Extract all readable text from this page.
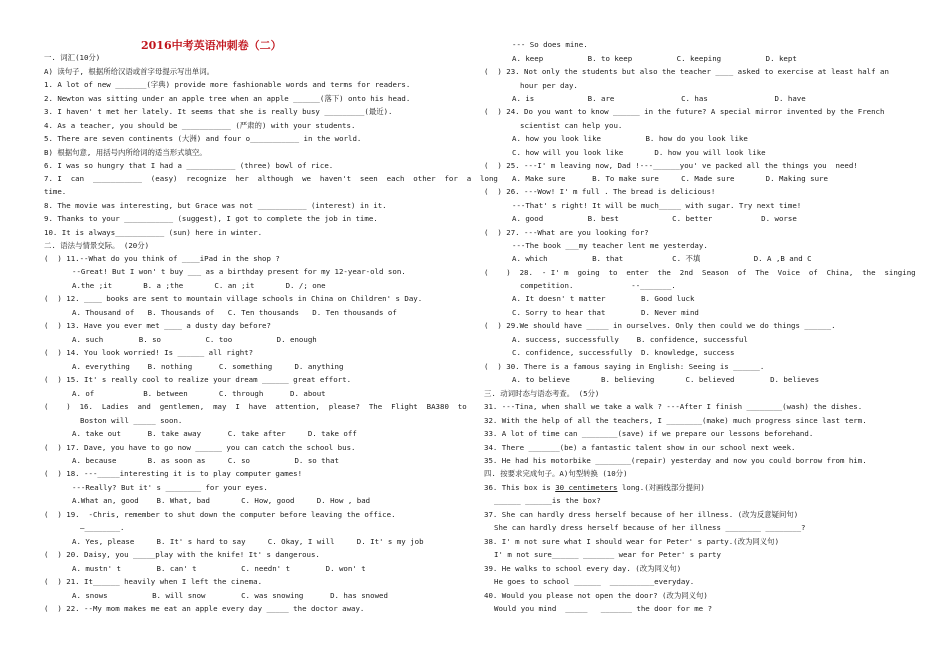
2016中考英语冲刺卷（二）
一. 词汇(10分)
A) 读句子, 根据所给汉语或首字母提示写出单词。
1. A lot of new _______(字典) provide more fashionable words and terms for readers.
2. Newton was sitting under an apple tree when an apple ______(落下) onto his head.
3. I haven' t met her lately. It seems that she is really busy _________(最近).
4. As a teacher, you should be ___________ (严肃的) with your students.
5. There are seven continents (大洲) and four o___________ in the world.
B) 根据句意, 用括号内所给词的适当形式填空。
6. I was so hungry that I had a ___________ (three) bowl of rice.
7. I  can  ___________  (easy)  recognize  her  although  we  haven't  seen  each  other  for  a  long
time.
8. The movie was interesting, but Grace was not ___________ (interest) in it.
9. Thanks to your ___________ (suggest), I got to complete the job in time.
10. It is always___________ (sun) here in winter.
二. 语法与情景交际。 (20分)
(  ) 11.--What do you think of ____iPad in the shop ?
--Great! But I won' t buy ___ as a birthday present for my 12-year-old son.
A.the ;it       B. a ;the       C. an ;it       D. /; one
(  ) 12. ____ books are sent to mountain village schools in China on Children' s Day.
A. Thousand of   B. Thousands of   C. Ten thousands   D. Ten thousands of
(  ) 13. Have you ever met ____ a dusty day before?
A. such        B. so          C. too          D. enough
(  ) 14. You look worried! Is ______ all right?
A. everything    B. nothing      C. something     D. anything
(  ) 15. It' s really cool to realize your dream ______ great effort.
A. of           B. between       C. through      D. about
(    )  16.  Ladies  and  gentlemen,  may  I  have  attention,  please?  The  Flight  BA380  to
Boston will _____ soon.
A. take out      B. take away      C. take after     D. take off
(  ) 17. Dave, you have to go now ______ you can catch the school bus.
A. because       B. as soon as     C. so          D. so that
(  ) 18. ---_____interesting it is to play computer games!
---Really? But it' s ________ for your eyes.
A.What an, good    B. What, bad       C. How, good     D. How , bad
(  ) 19.  -Chris, remember to shut down the computer before leaving the office.
—________.
A. Yes, please     B. It' s hard to say     C. Okay, I will     D. It' s my job
(  ) 20. Daisy, you _____play with the knife! It' s dangerous.
A. mustn' t        B. can' t          C. needn' t        D. won' t
(  ) 21. It______ heavily when I left the cinema.
A. snows          B. will snow        C. was snowing      D. has snowed
(  ) 22. --My mom makes me eat an apple every day _____ the doctor away.
--- So does mine.
A. keep          B. to keep          C. keeping          D. kept
(  ) 23. Not only the students but also the teacher ____ asked to exercise at least half an
hour per day.
A. is            B. are               C. has               D. have
(  ) 24. Do you want to know ______ in the future? A special mirror invented by the French
scientist can help you.
A. how you look like          B. how do you look like
C. how will you look like       D. how you will look like
(  ) 25. ---I' m leaving now, Dad !---______you' ve packed all the things you  need!
A. Make sure      B. To make sure     C. Made sure       D. Making sure
(  ) 26. ---Wow! I' m full . The bread is delicious!
---That' s right! It will be much_____ with sugar. Try next time!
A. good          B. best            C. better           D. worse
(  ) 27. ---What are you looking for?
---The book ___my teacher lent me yesterday.
A. which          B. that           C. 不填            D. A ,B and C
(    )  28.  - I' m  going  to  enter  the  2nd  Season  of  The  Voice  of  China,  the  singing
competition.             --_______.
A. It doesn' t matter        B. Good luck
C. Sorry to hear that        D. Never mind
(  ) 29.We should have _____ in ourselves. Only then could we do things ______.
A. success, successfully    B. confidence, successful
C. confidence, successfully  D. knowledge, success
(  ) 30. There is a famous saying in English: Seeing is ______.
A. to believe       B. believing       C. believed        D. believes
三. 动词时态与语态考查。 (5分)
31. ---Tina, when shall we take a walk ? ---After I finish ________(wash) the dishes.
32. With the help of all the teachers, I ________(make) much progress since last term.
33. A lot of time can ________(save) if we prepare our lessons beforehand.
34. There _______(be) a fantastic talent show in our school next week.
35. He had his motorbike ________(repair) yesterday and now you could borrow from him.
四. 按要求完成句子。A)句型转换 (10分)
36. This box is 30 centimeters long.(对画线部分提问)
______ ______is the box?
37. She can hardly dress herself because of her illness. (改为反意疑问句)
She can hardly dress herself because of her illness ________ ________?
38. I' m not sure what I should wear for Peter' s party.(改为同义句)
I' m not sure______ _______ wear for Peter' s party
39. He walks to school every day. (改为同义句)
He goes to school ______  __________everyday.
40. Would you please not open the door? (改为同义句)
Would you mind  _____   _______ the door for me ?
